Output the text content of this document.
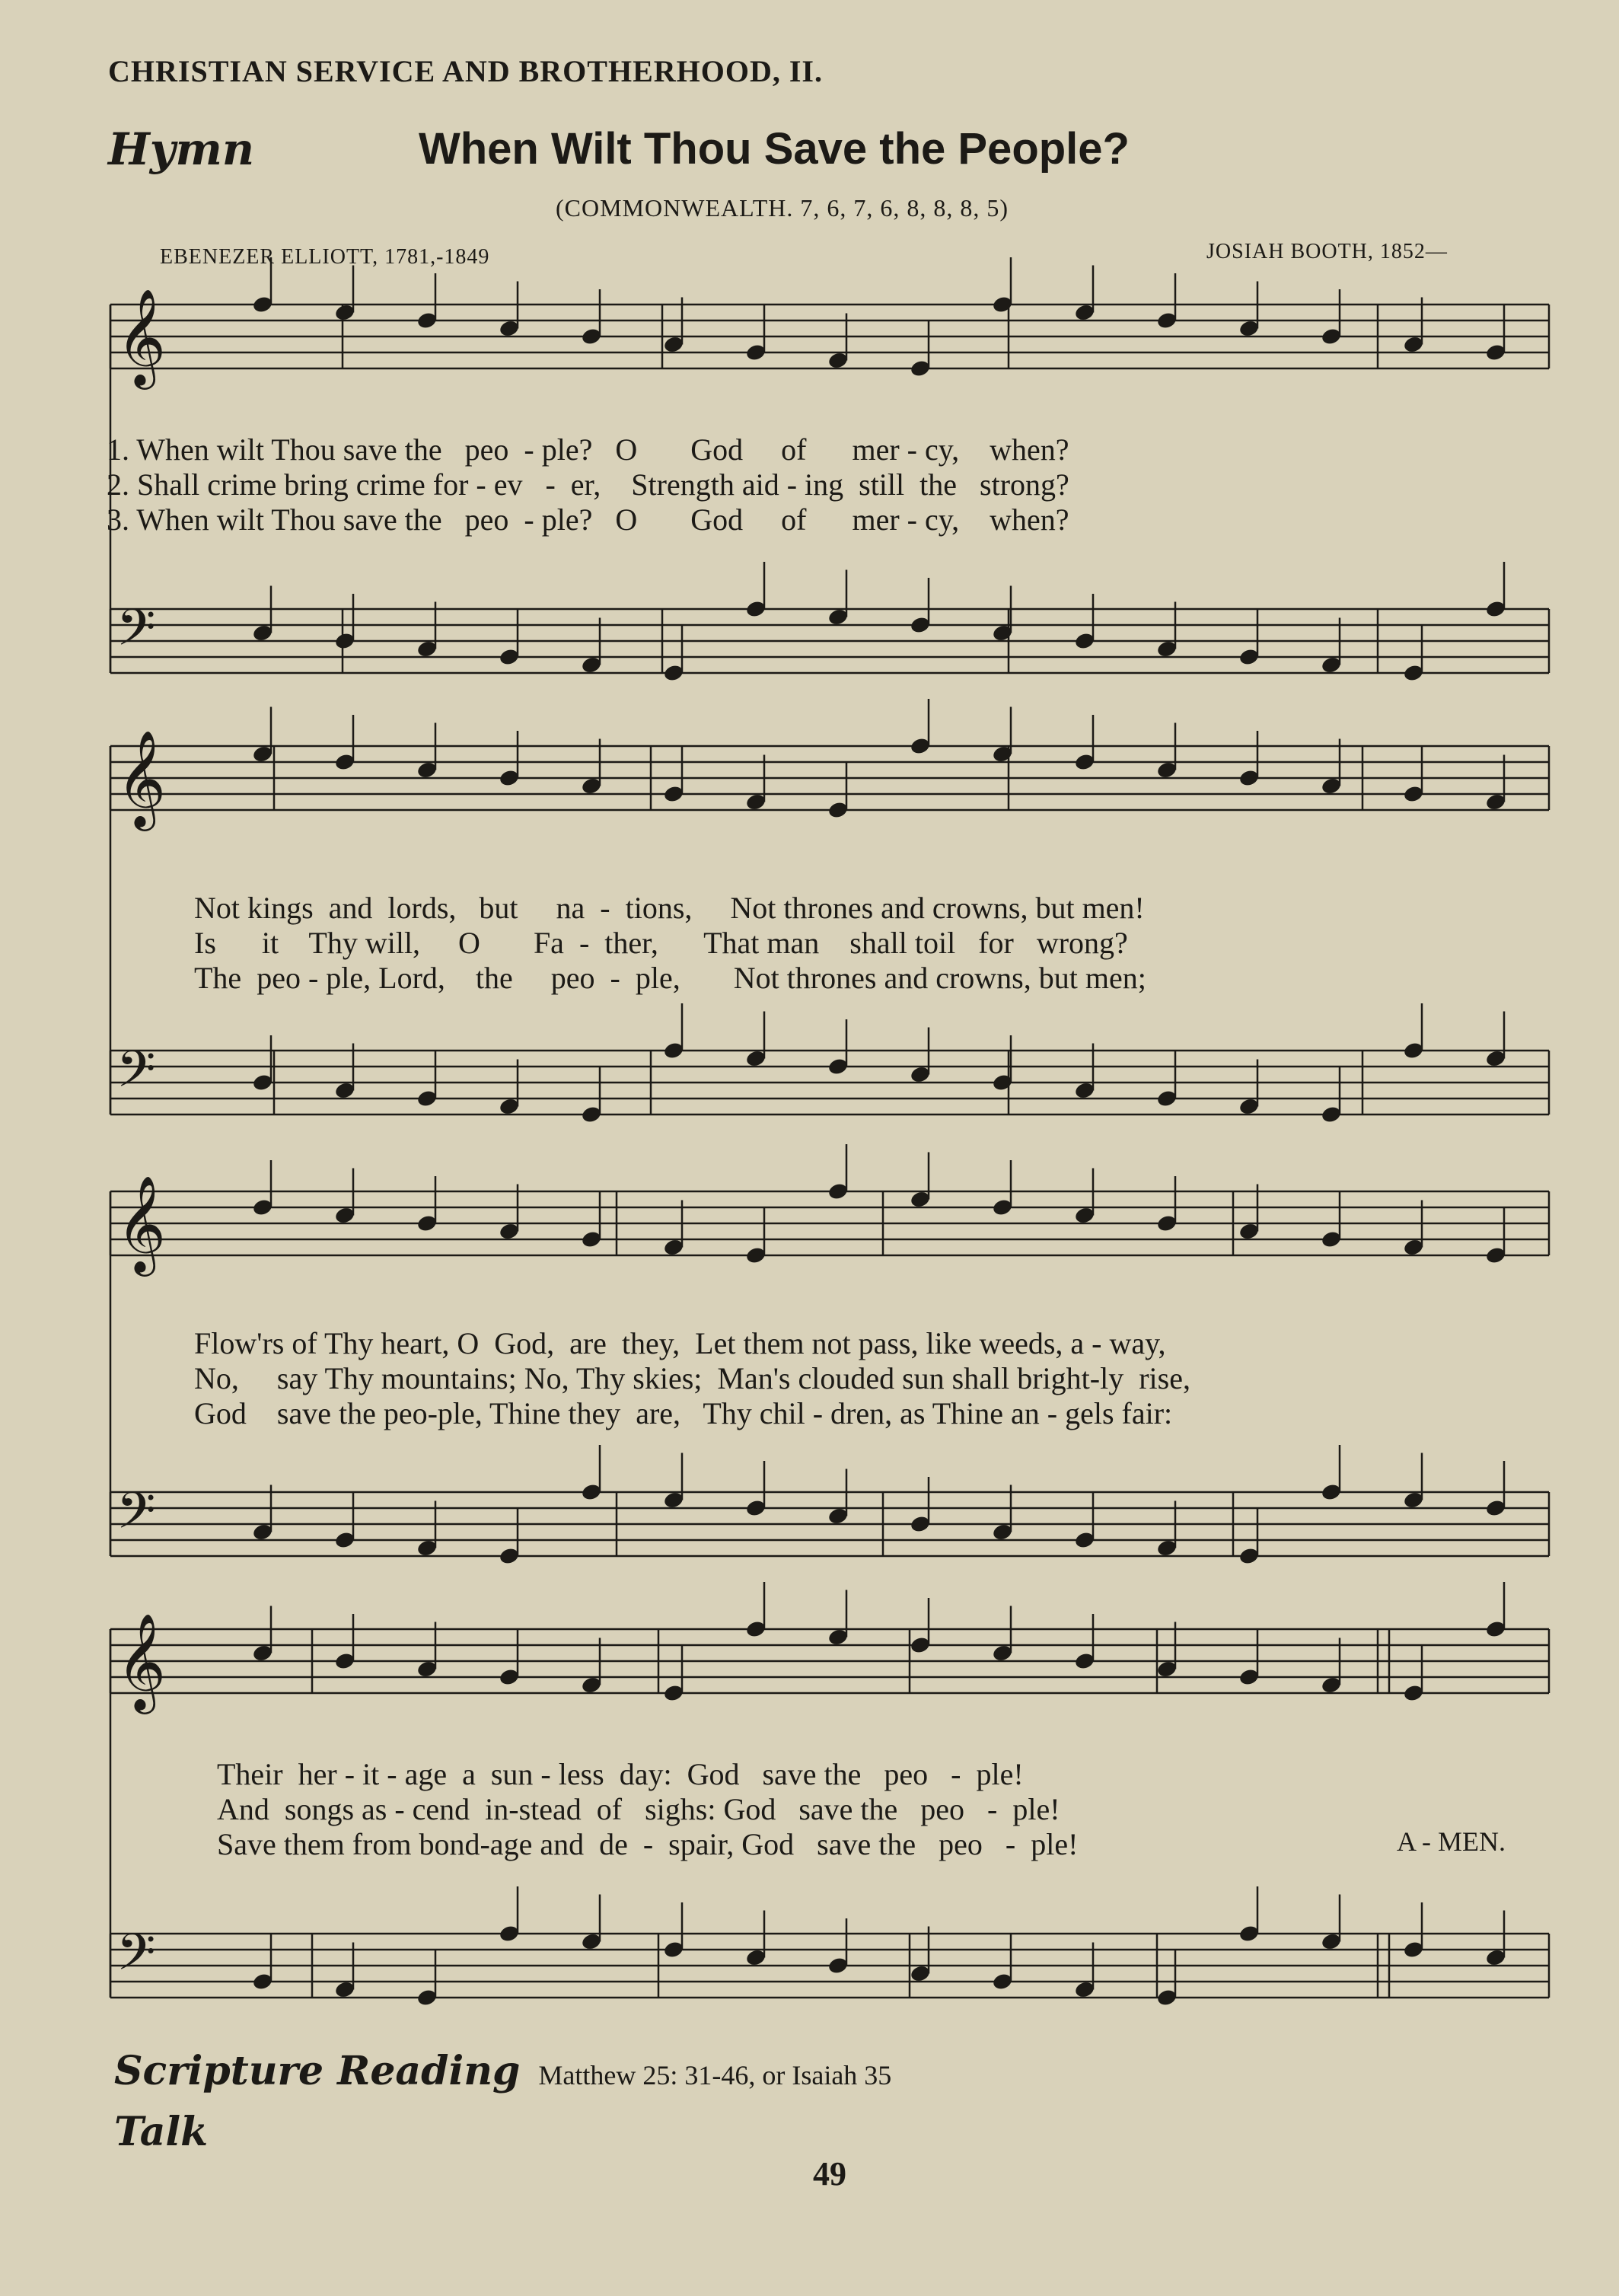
CHRISTIAN SERVICE AND BROTHERHOOD, II.
Hymn	When Wilt Thou Save the People?
(COMMONWEALTH. 7, 6, 7, 6, 8, 8, 8, 5)
EBENEZER ELLIOTT, 1781,-1849	JOSIAH BOOTH, 1852—
𝄞
𝄢
𝄞
𝄢
𝄞
𝄢
𝄞
𝄢
1. When wilt Thou save the   peo  - ple?   O       God     of      mer - cy,    when?
2. Shall crime bring crime for - ev   -  er,    Strength aid - ing  still  the   strong?
3. When wilt Thou save the   peo  - ple?   O       God     of      mer - cy,    when?
Not kings  and  lords,   but     na  -  tions,     Not thrones and crowns, but men!
Is      it    Thy will,     O       Fa  -  ther,      That man    shall toil   for   wrong?
The  peo - ple, Lord,    the     peo  -  ple,       Not thrones and crowns, but men;
Flow'rs of Thy heart, O  God,  are  they,  Let them not pass, like weeds, a - way,
No,     say Thy mountains; No, Thy skies;  Man's clouded sun shall bright-ly  rise,
God    save the peo-ple, Thine they  are,   Thy chil - dren, as Thine an - gels fair:
Their  her - it - age  a  sun - less  day:  God   save the   peo   -  ple!
And  songs as - cend  in-stead  of   sighs: God   save the   peo   -  ple!
Save them from bond-age and  de  -  spair, God   save the   peo   -  ple!	A - MEN.
Scripture Reading Matthew 25: 31-46, or Isaiah 35
Talk
49
